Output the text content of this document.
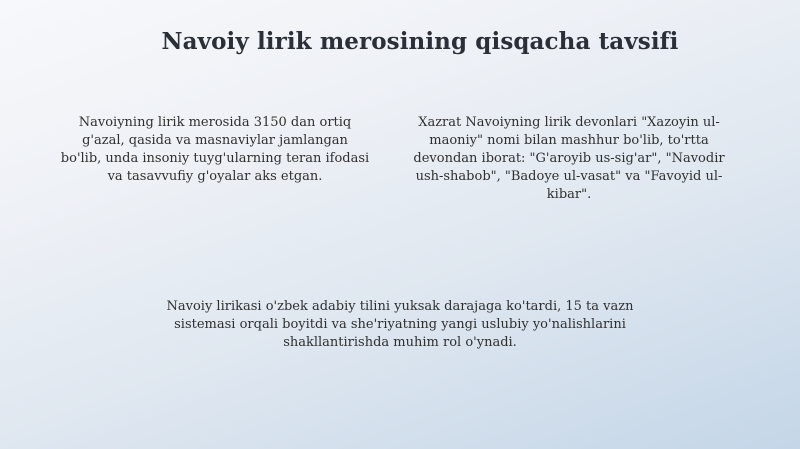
Navoiy lirik merosining qisqacha tavsifi
Navoiyning lirik merosida 3150 dan ortiq g'azal, qasida va masnaviylar jamlangan bo'lib, unda insoniy tuyg'ularning teran ifodasi va tasavvufiy g'oyalar aks etgan.
Xazrat Navoiyning lirik devonlari "Xazoyin ul-maoniy" nomi bilan mashhur bo'lib, to'rtta devondan iborat: "G'aroyib us-sig'ar", "Navodir ush-shabob", "Badoye ul-vasat" va "Favoyid ul-kibar".
Navoiy lirikasi o'zbek adabiy tilini yuksak darajaga ko'tardi, 15 ta vazn sistemasi orqali boyitdi va she'riyatning yangi uslubiy yo'nalishlarini shakllantirishda muhim rol o'ynadi.
